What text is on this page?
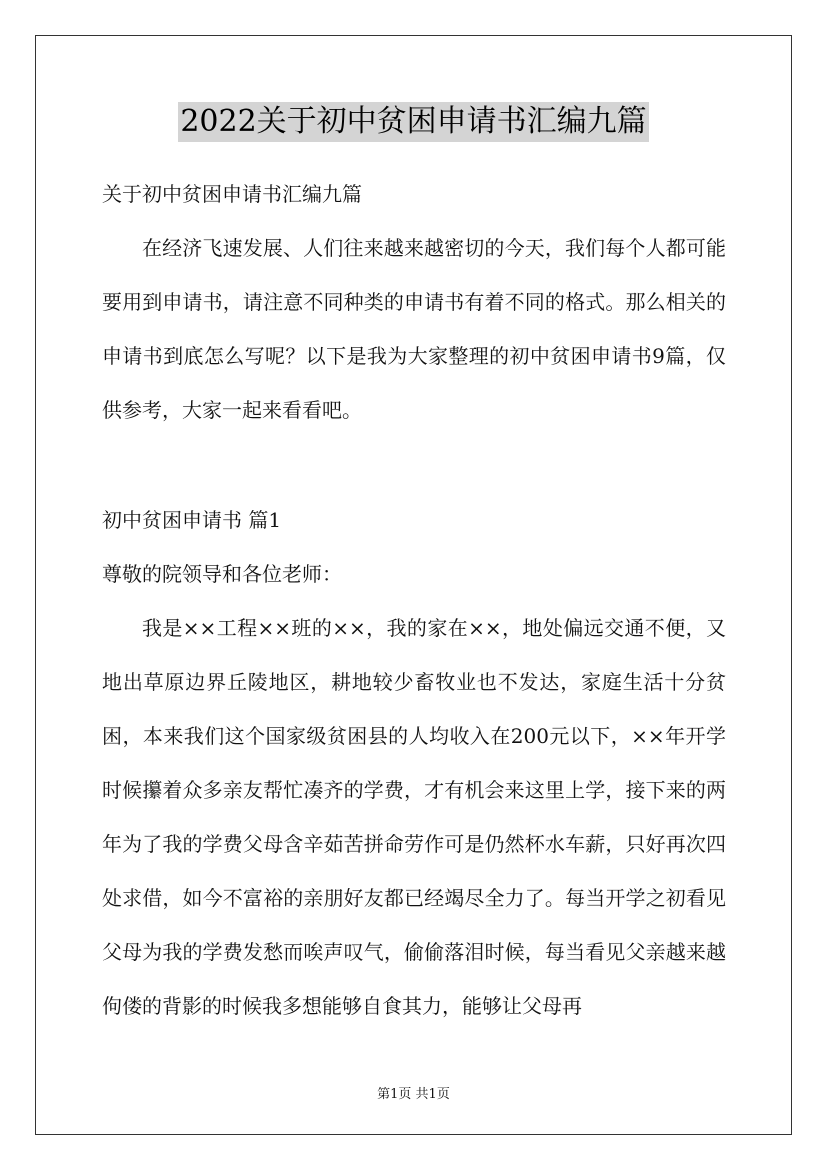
2022关于初中贫困申请书汇编九篇
关于初中贫困申请书汇编九篇
在经济飞速发展、人们往来越来越密切的今天，我们每个人都可能要用到申请书，请注意不同种类的申请书有着不同的格式。那么相关的申请书到底怎么写呢？以下是我为大家整理的初中贫困申请书9篇，仅供参考，大家一起来看看吧。
初中贫困申请书 篇1
尊敬的院领导和各位老师：
我是××工程××班的××，我的家在××，地处偏远交通不便，又地出草原边界丘陵地区，耕地较少畜牧业也不发达，家庭生活十分贫困，本来我们这个国家级贫困县的人均收入在200元以下，××年开学时候攥着众多亲友帮忙凑齐的学费，才有机会来这里上学，接下来的两年为了我的学费父母含辛茹苦拼命劳作可是仍然杯水车薪，只好再次四处求借，如今不富裕的亲朋好友都已经竭尽全力了。每当开学之初看见父母为我的学费发愁而唉声叹气，偷偷落泪时候，每当看见父亲越来越佝偻的背影的时候我多想能够自食其力，能够让父母再
第1页 共1页
